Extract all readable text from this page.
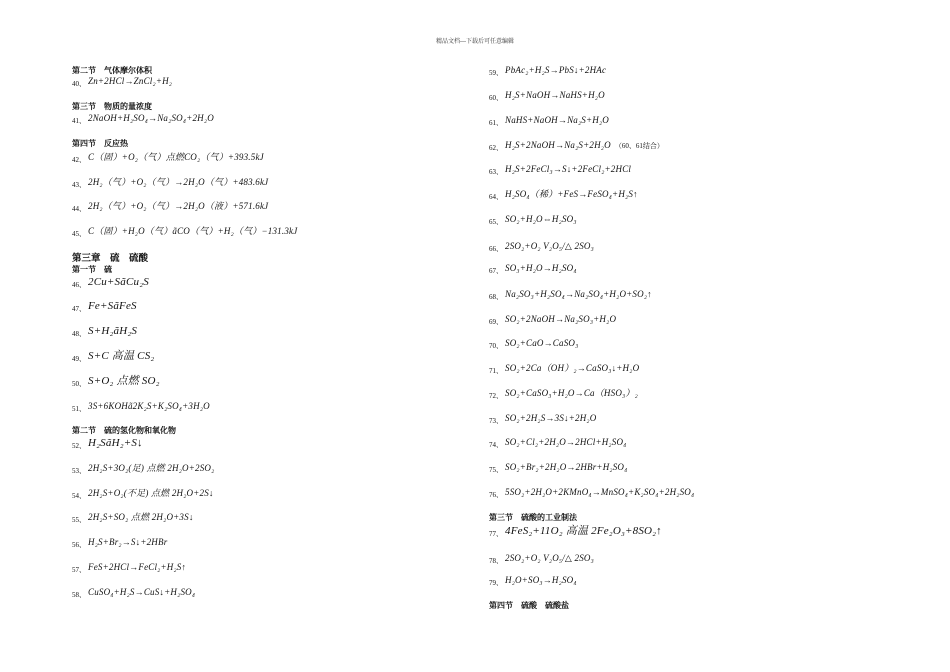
精品文档---下载后可任意编辑
第二节　气体摩尔体积
$_{40、}$ Zn+2HCl→ZnCl₂+H₂
第三节　物质的量浓度
$_{41、}$ 2NaOH+H₂SO₄→Na₂SO₄+2H₂O
第四节　反应热
$_{42、}$ C（固）+O₂（气）点燃CO₂（气）+393.5kJ
$_{43、}$ 2H₂（气）+O₂（气）→2H₂O（气）+483.6kJ
$_{44、}$ 2H₂（气）+O₂（气）→2H₂O（液）+571.6kJ
$_{45、}$ C（固）+H₂O（气）ãCO（气）+H₂（气）−131.3kJ
第三章　硫　硫酸
第一节　硫
$_{46、}$ 2Cu+SãCu₂S
$_{47、}$ Fe+SãFeS
$_{48、}$ S+H₂ãH₂S
$_{49、}$ S+C 高温 CS₂
$_{50、}$ S+O₂ 点燃 SO₂
$_{51、}$ 3S+6KOHã2K₂S+K₂SO₄+3H₂O
第二节　硫的氢化物和氧化物
$_{52、}$ H₂SãH₂+S↓
$_{53、}$ 2H₂S+3O₂(足) 点燃 2H₂O+2SO₂
$_{54、}$ 2H₂S+O₂(不足) 点燃 2H₂O+2S↓
$_{55、}$ 2H₂S+SO₂ 点燃 2H₂O+3S↓
$_{56、}$ H₂S+Br₂→S↓+2HBr
$_{57、}$ FeS+2HCl→FeCl₂+H₂S↑
$_{58、}$ CuSO₄+H₂S→CuS↓+H₂SO₄
$_{59、}$ PbAc₂+H₂S→PbS↓+2HAc
$_{60、}$ H₂S+NaOH→NaHS+H₂O
$_{61、}$ NaHS+NaOH→Na₂S+H₂O
$_{62、}$ H₂S+2NaOH→Na₂S+2H₂O （60、61结合）
$_{63、}$ H₂S+2FeCl₃→S↓+2FeCl₂+2HCl
$_{64、}$ H₂SO₄（稀）+FeS→FeSO₄+H₂S↑
$_{65、}$ SO₂+H₂O⇔H₂SO₃
$_{66、}$ 2SO₂+O₂ V₂O₅/△ 2SO₃
$_{67、}$ SO₃+H₂O→H₂SO₄
$_{68、}$ Na₂SO₃+H₂SO₄→Na₂SO₄+H₂O+SO₂↑
$_{69、}$ SO₂+2NaOH→Na₂SO₃+H₂O
$_{70、}$ SO₂+CaO→CaSO₃
$_{71、}$ SO₂+2Ca（OH）₂→CaSO₃↓+H₂O
$_{72、}$ SO₂+CaSO₃+H₂O→Ca（HSO₃）₂
$_{73、}$ SO₂+2H₂S→3S↓+2H₂O
$_{74、}$ SO₂+Cl₂+2H₂O→2HCl+H₂SO₄
$_{75、}$ SO₂+Br₂+2H₂O→2HBr+H₂SO₄
$_{76、}$ 5SO₂+2H₂O+2KMnO₄→MnSO₄+K₂SO₄+2H₂SO₄
第三节　硫酸的工业制法
$_{77、}$ 4FeS₂+11O₂ 高温 2Fe₂O₃+8SO₂↑
$_{78、}$ 2SO₂+O₂ V₂O₅/△ 2SO₃
$_{79、}$ H₂O+SO₃→H₂SO₄
第四节　硫酸　硫酸盐
